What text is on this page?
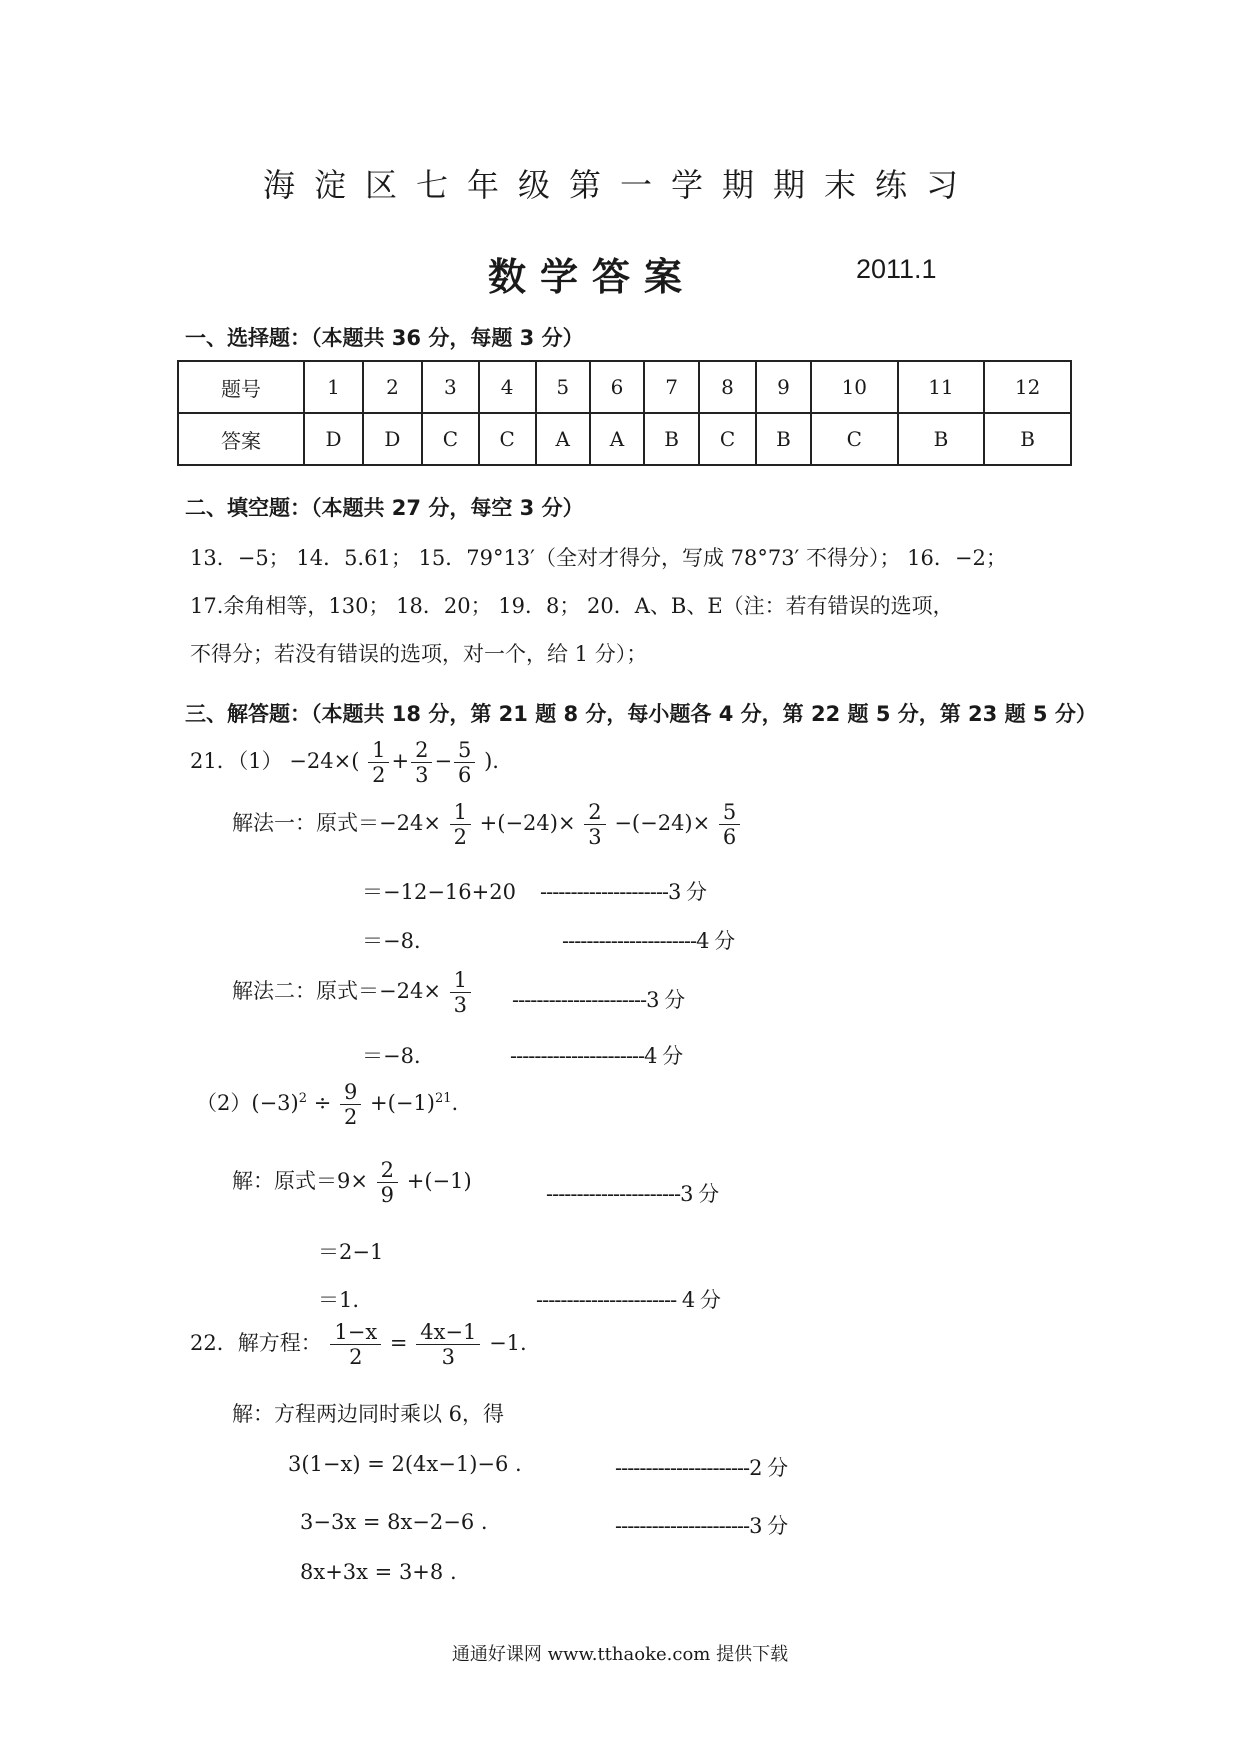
海淀区七年级第一学期期末练习
数学答案	2011.1
一、选择题：（本题共 36 分，每题 3 分）
题号	1	2	3	4	5	6	7	8	9	10	11	12
答案	D	D	C	C	A	A	B	C	B	C	B	B
二、填空题：（本题共 27 分，每空 3 分）
13．−5； 14．5.61； 15．79°13′（全对才得分，写成 78°73′ 不得分）； 16．−2；
17.余角相等，130； 18．20； 19．8； 20．A、B、E（注：若有错误的选项，
不得分；若没有错误的选项，对一个，给 1 分）；
三、解答题：（本题共 18 分，第 21 题 8 分，每小题各 4 分，第 22 题 5 分，第 23 题 5 分）
21．$(1) -24\times( \frac{1}{2} + \frac{2}{3} - \frac{5}{6}$ ).
解法一：原式$=-24\times \frac{1}{2} +(-24)\times \frac{2}{3} -(-24)\times \frac{5}{6}$
＝−12−16+20 ---------------------3 分
＝−8．	----------------------4 分
解法二：原式$=-24\times \frac{1}{3} ----------------------3$ 分
＝−8．	----------------------4 分
$(2)(-3)^2 \div \frac{9}{2} +(-1)^{21}$.
解：原式$=9\times \frac{2}{9} +(-1)$
----------------------3 分
＝2−1
＝1.	----------------------- 4 分
22．解方程： $\frac{1-x}{2} = \frac{4x-1}{3} -1$.
解：方程两边同时乘以 6，得
3(1−x) = 2(4x−1)−6 .	----------------------2 分
3−3x = 8x−2−6 .	----------------------3 分
8x+3x = 3+8 .
通通好课网 www.tthaoke.com 提供下载
